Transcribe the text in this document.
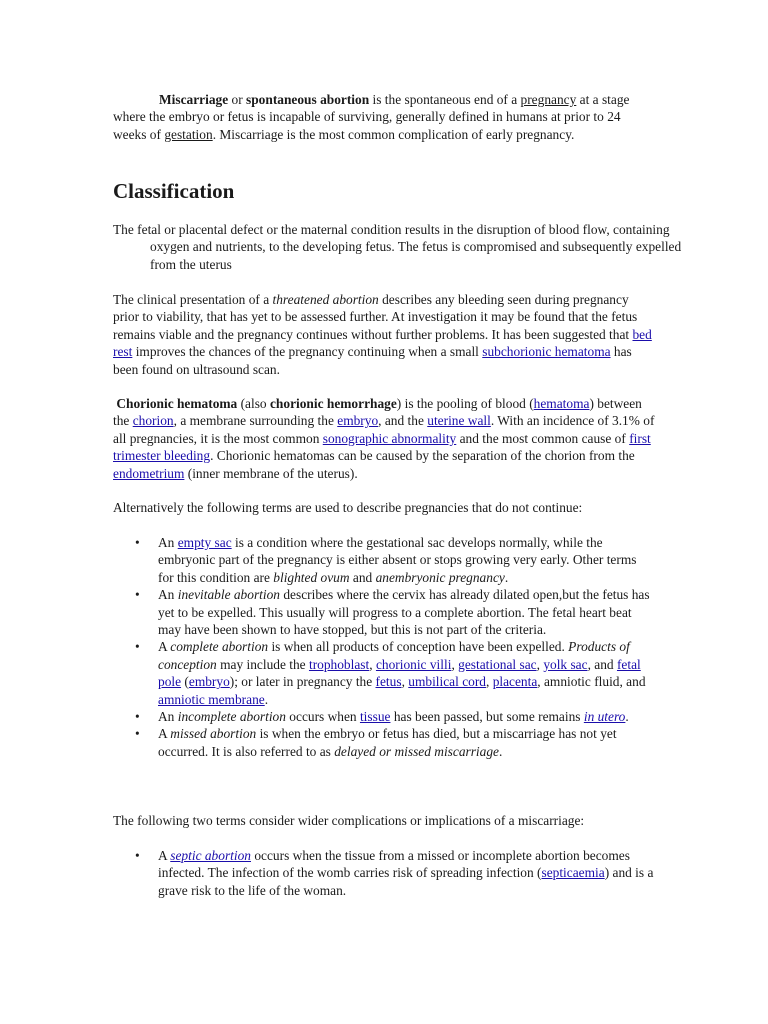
Miscarriage or spontaneous abortion is the spontaneous end of a pregnancy at a stage where the embryo or fetus is incapable of surviving, generally defined in humans at prior to 24 weeks of gestation. Miscarriage is the most common complication of early pregnancy.

Classification

The fetal or placental defect or the maternal condition results in the disruption of blood flow, containing oxygen and nutrients, to the developing fetus. The fetus is compromised and subsequently expelled from the uterus

The clinical presentation of a threatened abortion describes any bleeding seen during pregnancy prior to viability, that has yet to be assessed further. At investigation it may be found that the fetus remains viable and the pregnancy continues without further problems. It has been suggested that bed rest improves the chances of the pregnancy continuing when a small subchorionic hematoma has been found on ultrasound scan.

Chorionic hematoma (also chorionic hemorrhage) is the pooling of blood (hematoma) between the chorion, a membrane surrounding the embryo, and the uterine wall. With an incidence of 3.1% of all pregnancies, it is the most common sonographic abnormality and the most common cause of first trimester bleeding. Chorionic hematomas can be caused by the separation of the chorion from the endometrium (inner membrane of the uterus).

Alternatively the following terms are used to describe pregnancies that do not continue:

• An empty sac is a condition where the gestational sac develops normally, while the embryonic part of the pregnancy is either absent or stops growing very early. Other terms for this condition are blighted ovum and anembryonic pregnancy.
• An inevitable abortion describes where the cervix has already dilated open,but the fetus has yet to be expelled. This usually will progress to a complete abortion. The fetal heart beat may have been shown to have stopped, but this is not part of the criteria.
• A complete abortion is when all products of conception have been expelled. Products of conception may include the trophoblast, chorionic villi, gestational sac, yolk sac, and fetal pole (embryo); or later in pregnancy the fetus, umbilical cord, placenta, amniotic fluid, and amniotic membrane.
• An incomplete abortion occurs when tissue has been passed, but some remains in utero.
• A missed abortion is when the embryo or fetus has died, but a miscarriage has not yet occurred. It is also referred to as delayed or missed miscarriage.

The following two terms consider wider complications or implications of a miscarriage:

• A septic abortion occurs when the tissue from a missed or incomplete abortion becomes infected. The infection of the womb carries risk of spreading infection (septicaemia) and is a grave risk to the life of the woman.
